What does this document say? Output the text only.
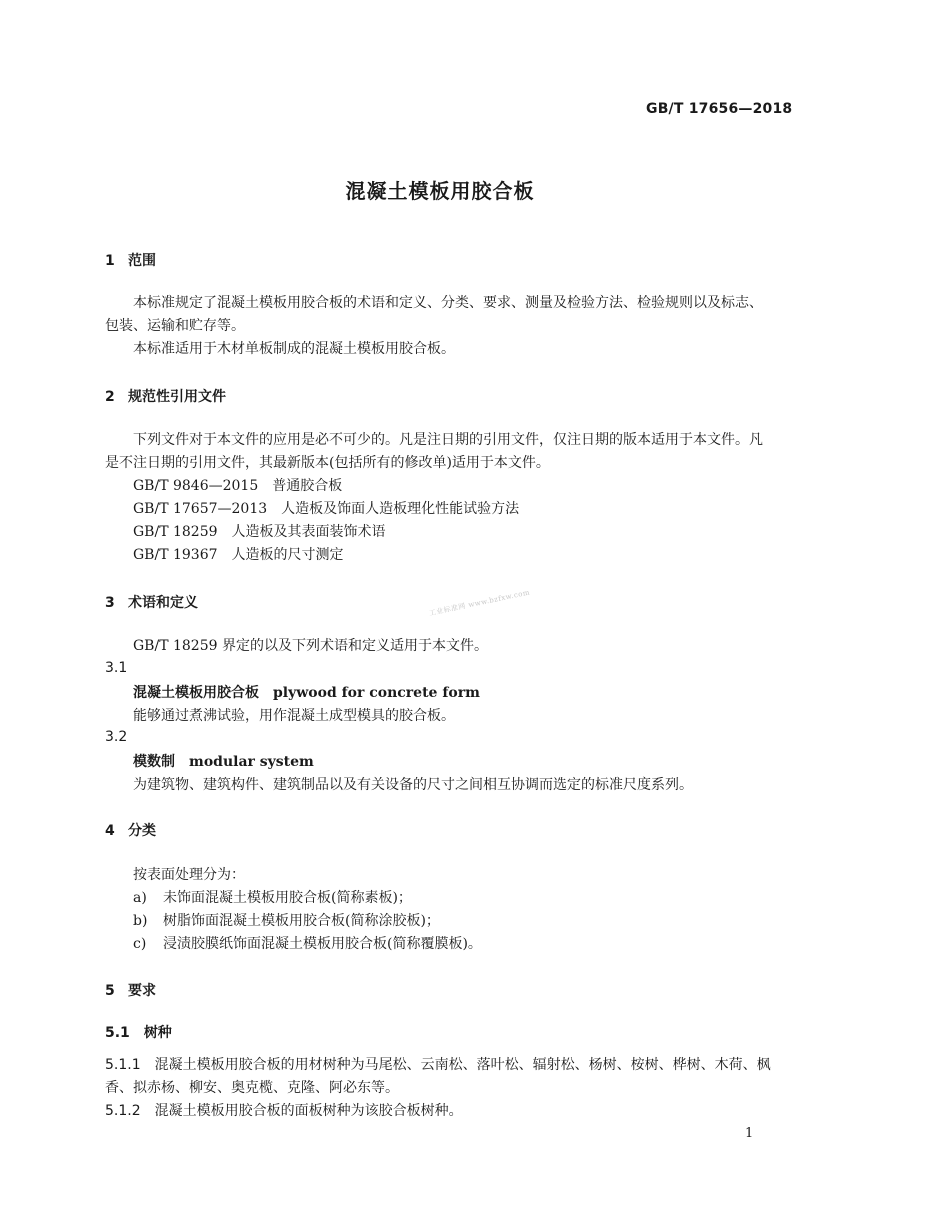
GB/T 17656—2018
混凝土模板用胶合板
1 范围
本标准规定了混凝土模板用胶合板的术语和定义、分类、要求、测量及检验方法、检验规则以及标志、包装、运输和贮存等。
本标准适用于木材单板制成的混凝土模板用胶合板。
2 规范性引用文件
下列文件对于本文件的应用是必不可少的。凡是注日期的引用文件，仅注日期的版本适用于本文件。凡是不注日期的引用文件，其最新版本(包括所有的修改单)适用于本文件。
GB/T 9846—2015 普通胶合板
GB/T 17657—2013 人造板及饰面人造板理化性能试验方法
GB/T 18259 人造板及其表面装饰术语
GB/T 19367 人造板的尺寸测定
3 术语和定义	工业标准网 www.bzfxw.com
GB/T 18259 界定的以及下列术语和定义适用于本文件。
3.1
混凝土模板用胶合板 plywood for concrete form
能够通过煮沸试验，用作混凝土成型模具的胶合板。
3.2
模数制 modular system
为建筑物、建筑构件、建筑制品以及有关设备的尺寸之间相互协调而选定的标准尺度系列。
4 分类
按表面处理分为：
a) 未饰面混凝土模板用胶合板(简称素板)；
b) 树脂饰面混凝土模板用胶合板(简称涂胶板)；
c) 浸渍胶膜纸饰面混凝土模板用胶合板(简称覆膜板)。
5 要求
5.1 树种
5.1.1 混凝土模板用胶合板的用材树种为马尾松、云南松、落叶松、辐射松、杨树、桉树、桦树、木荷、枫香、拟赤杨、柳安、奥克榄、克隆、阿必东等。
5.1.2 混凝土模板用胶合板的面板树种为该胶合板树种。
1
